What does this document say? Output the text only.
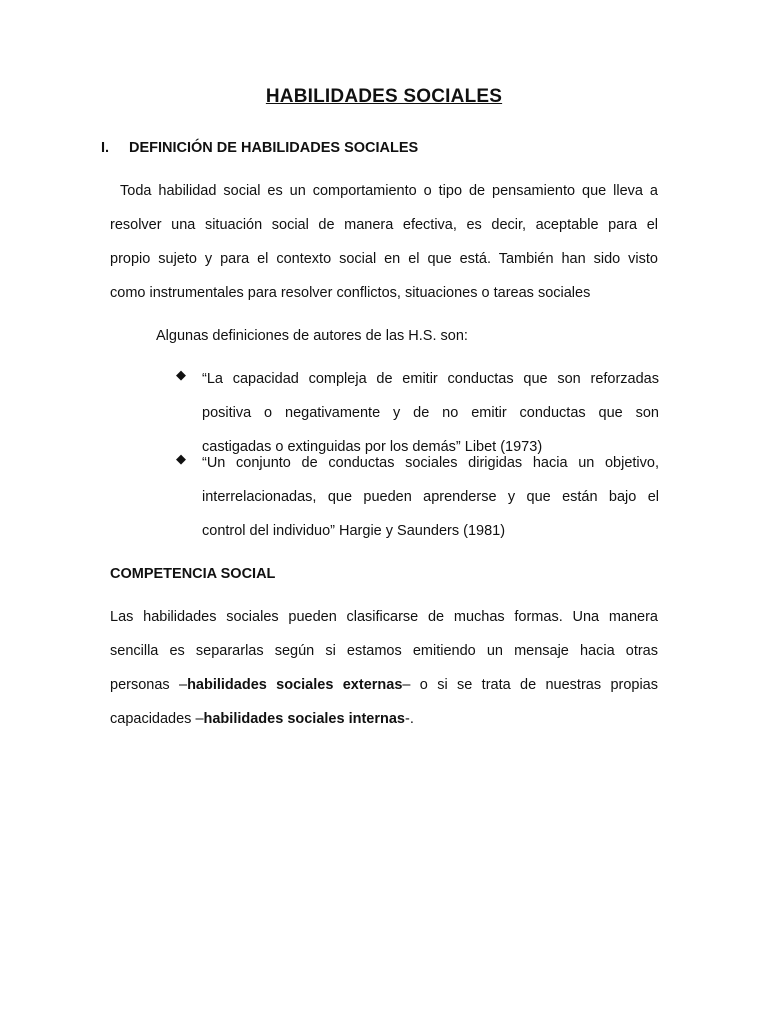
HABILIDADES SOCIALES
I. DEFINICIÓN DE HABILIDADES SOCIALES
Toda habilidad social es un comportamiento o tipo de pensamiento que lleva a
resolver una situación social de manera efectiva, es decir, aceptable para el
propio sujeto y para el contexto social en el que está. También han sido visto
como instrumentales para resolver conflictos, situaciones o tareas sociales
Algunas definiciones de autores de las H.S. son:
◆ “La capacidad compleja de emitir conductas que son reforzadas
positiva o negativamente y de no emitir conductas que son
castigadas o extinguidas por los demás” Libet (1973)
◆ “Un conjunto de conductas sociales dirigidas hacia un objetivo,
interrelacionadas, que pueden aprenderse y que están bajo el
control del individuo” Hargie y Saunders (1981)
COMPETENCIA SOCIAL
Las habilidades sociales pueden clasificarse de muchas formas. Una manera
sencilla es separarlas según si estamos emitiendo un mensaje hacia otras
personas –habilidades sociales externas– o si se trata de nuestras propias
capacidades –habilidades sociales internas-.
